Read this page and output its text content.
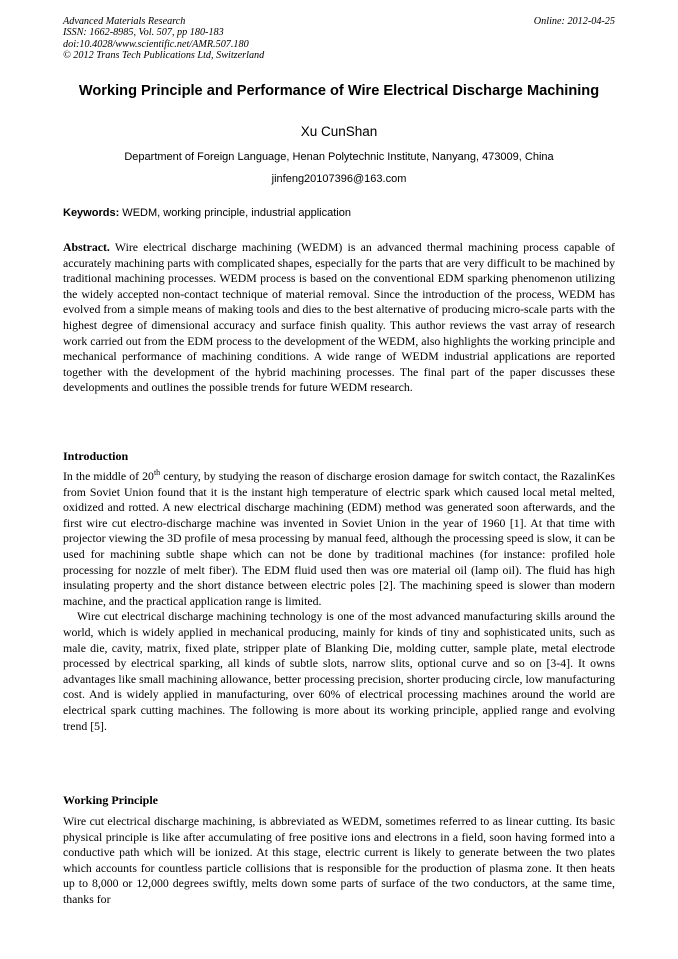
Advanced Materials Research
ISSN: 1662-8985, Vol. 507, pp 180-183
doi:10.4028/www.scientific.net/AMR.507.180
© 2012 Trans Tech Publications Ltd, Switzerland
Online: 2012-04-25
Working Principle and Performance of Wire Electrical Discharge Machining
Xu CunShan
Department of Foreign Language, Henan Polytechnic Institute, Nanyang, 473009, China
jinfeng20107396@163.com
Keywords: WEDM, working principle, industrial application
Abstract. Wire electrical discharge machining (WEDM) is an advanced thermal machining process capable of accurately machining parts with complicated shapes, especially for the parts that are very difficult to be machined by traditional machining processes. WEDM process is based on the conventional EDM sparking phenomenon utilizing the widely accepted non-contact technique of material removal. Since the introduction of the process, WEDM has evolved from a simple means of making tools and dies to the best alternative of producing micro-scale parts with the highest degree of dimensional accuracy and surface finish quality. This author reviews the vast array of research work carried out from the EDM process to the development of the WEDM, also highlights the working principle and mechanical performance of machining conditions. A wide range of WEDM industrial applications are reported together with the development of the hybrid machining processes. The final part of the paper discusses these developments and outlines the possible trends for future WEDM research.
Introduction

In the middle of 20th century, by studying the reason of discharge erosion damage for switch contact, the RazalinKes from Soviet Union found that it is the instant high temperature of electric spark which caused local metal melted, oxidized and rotted. A new electrical discharge machining (EDM) method was generated soon afterwards, and the first wire cut electro-discharge machine was invented in Soviet Union in the year of 1960 [1]. At that time with projector viewing the 3D profile of mesa processing by manual feed, although the processing speed is slow, it can be used for machining subtle shape which can not be done by traditional machines (for instance: profiled hole processing for nozzle of melt fiber). The EDM fluid used then was ore material oil (lamp oil). The fluid has high insulating property and the short distance between electric poles [2]. The machining speed is slower than modern machine, and the practical application range is limited.

Wire cut electrical discharge machining technology is one of the most advanced manufacturing skills around the world, which is widely applied in mechanical producing, mainly for kinds of tiny and sophisticated units, such as male die, cavity, matrix, fixed plate, stripper plate of Blanking Die, molding cutter, sample plate, metal electrode processed by electrical sparking, all kinds of subtle slots, narrow slits, optional curve and so on [3-4]. It owns advantages like small machining allowance, better processing precision, shorter producing circle, low manufacturing cost. And is widely applied in manufacturing, over 60% of electrical processing machines around the world are electrical spark cutting machines. The following is more about its working principle, applied range and evolving trend [5].

Working Principle

Wire cut electrical discharge machining, is abbreviated as WEDM, sometimes referred to as linear cutting. Its basic physical principle is like after accumulating of free positive ions and electrons in a field, soon having formed into a conductive path which will be ionized. At this stage, electric current is likely to generate between the two plates which accounts for countless particle collisions that is responsible for the production of plasma zone. It then heats up to 8,000 or 12,000 degrees swiftly, melts down some parts of surface of the two conductors, at the same time, thanks for
